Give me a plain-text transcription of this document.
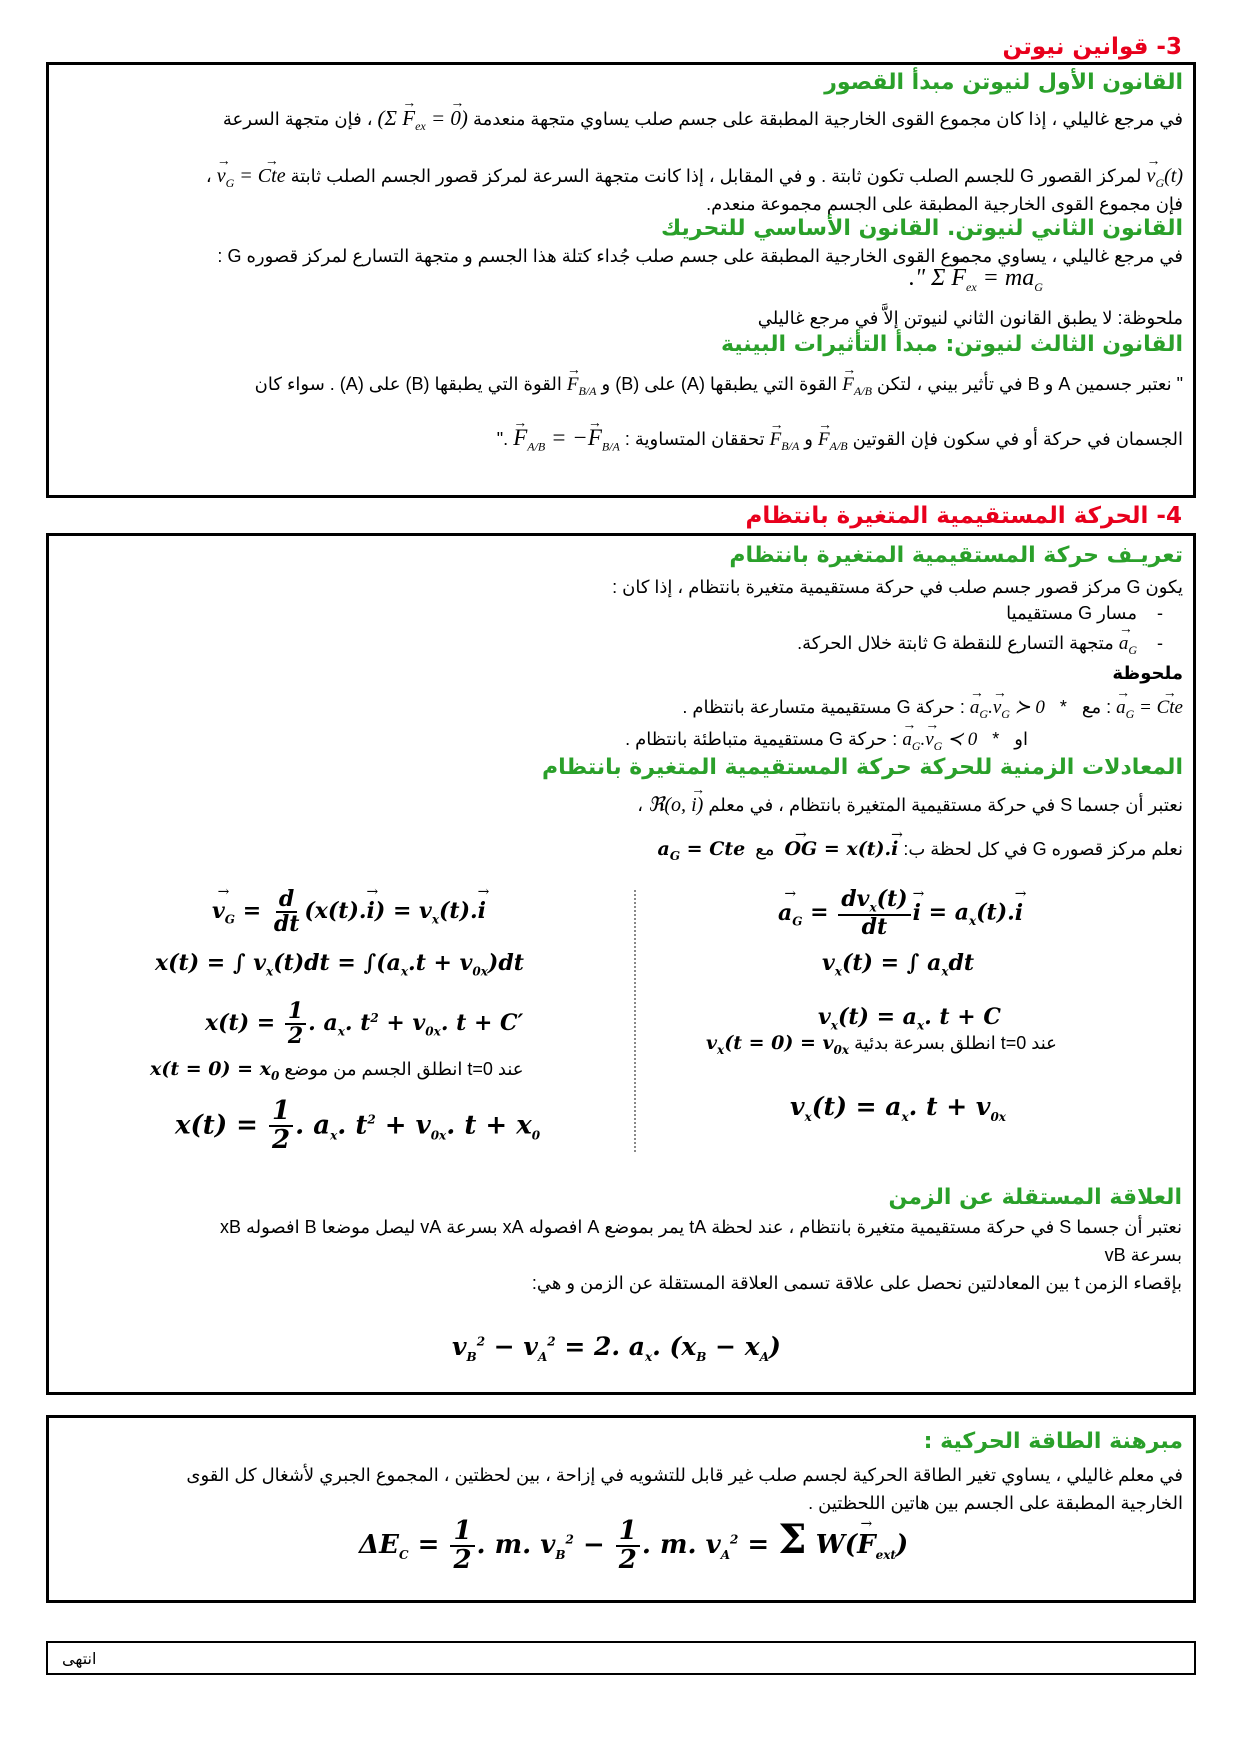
3- قوانين نيوتن
القانون الأول لنيوتن مبدأ القصور
في مرجع غاليلي ، إذا كان مجموع القوى الخارجية المطبقة على جسم صلب يساوي متجهة منعدمة ($\Sigma \to F_{ex}$ = → 0) ، فإن متجهة السرعة
→ $v_G(t)$ لمركز القصور G للجسم الصلب تكون ثابتة . و في المقابل ، إذا كانت متجهة السرعة لمركز قصور الجسم الصلب ثابتة → $v_G$ = → Cte ،
فإن مجموع القوى الخارجية المطبقة على الجسم مجموعة منعدم.
القانون الثاني لنيوتن. القانون الأساسي للتحريك
في مرجع غاليلي ، يساوي مجموع القوى الخارجية المطبقة على جسم صلب جُداء كتلة هذا الجسم و متجهة التسارع لمركز قصوره G :
." $\Sigma \to F_{ex} = m\to a_G$
ملحوظة: لا يطبق القانون الثاني لنيوتن إلاَّ في مرجع غاليلي
القانون الثالث لنيوتن: مبدأ التأثيرات البينية
" نعتبر جسمين A و B في تأثير بيني ، لتكن → $F_{A/B}$ القوة التي يطبقها (A) على (B) و → $F_{B/A}$ القوة التي يطبقها (B) على (A) . سواء كان
الجسمان في حركة أو في سكون فإن القوتين → $F_{A/B}$ و → $F_{B/A}$ تحققان المتساوية : → $F_{A/B}$ = −→ $F_{B/A}$ ."
4- الحركة المستقيمية المتغيرة بانتظام
تعريـف حركة المستقيمية المتغيرة بانتظام
يكون G مركز قصور جسم صلب في حركة مستقيمية متغيرة بانتظام ، إذا كان :
-    مسار G مستقيميا
-    → $a_G$ متجهة التسارع للنقطة G ثابتة خلال الحركة.
ملحوظة
→ $a_G$ = → Cte : مع   *   → $a_G.\to v_G$ ≻ 0 : حركة G مستقيمية متسارعة بانتظام .
او   *   → $a_G.\to v_G$ ≺ 0 : حركة G مستقيمية متباطئة بانتظام .
المعادلات الزمنية للحركة حركة المستقيمية المتغيرة بانتظام
نعتبر أن جسما S في حركة مستقيمية المتغيرة بانتظام ، في معلم ℜ(o, → i) ،
نعلم مركز قصوره G في كل لحظة ب: → OG = x(t).→ i  مع  $a_G$ = Cte
→ $v_G = \frac{d}{dt} (x(t).\to i) = v_x(t).\to i$
x(t) = ∫ $v_x(t)dt = \int(a_x.t + v_{0x})dt$
$x(t) = \frac{1}{2}$ . $a_x$. $t^2 + v_{0x}$. t + C′
عند t=0 انطلق الجسم من موضع $x(t = 0) = x_0$
$x(t) = \frac{1}{2}$ . $a_x$. $t^2 + v_{0x}$. $t + x_0$
→ $a_G = \frac{dv_x(t)}{dt} \to i = a_x(t).\to i$
$v_x(t)$ = ∫ $a_xdt$
$v_x(t) = a_x$. t + C
عند t=0 انطلق بسرعة بدئية $v_x(t = 0) = v_{0x}$
$v_x(t) = a_x$. $t + v_{0x}$
العلاقة المستقلة عن الزمن
نعتبر أن جسما S في حركة مستقيمية متغيرة بانتظام ، عند لحظة tA يمر بموضع A افصوله xA بسرعة vA ليصل موضعا B افصوله xB
بسرعة vB
بإقصاء الزمن t بين المعادلتين نحصل على علاقة تسمى العلاقة المستقلة عن الزمن و هي:
$v_B^2 - v_A^2 = 2$. $a_x$. $(x_B - x_A)$
مبرهنة الطاقة الحركية :
في معلم غاليلي ، يساوي تغير الطاقة الحركية لجسم صلب غير قابل للتشويه في إزاحة ، بين لحظتين ، المجموع الجبري لأشغال كل القوى
الخارجية المطبقة على الجسم بين هاتين اللحظتين .
$\Delta E_C = \frac{1}{2}$ . m. $v_B^2 - \frac{1}{2}$ . m. $v_A^2 = \Sigma$ $W(\to F_{ext})$
انتهى
